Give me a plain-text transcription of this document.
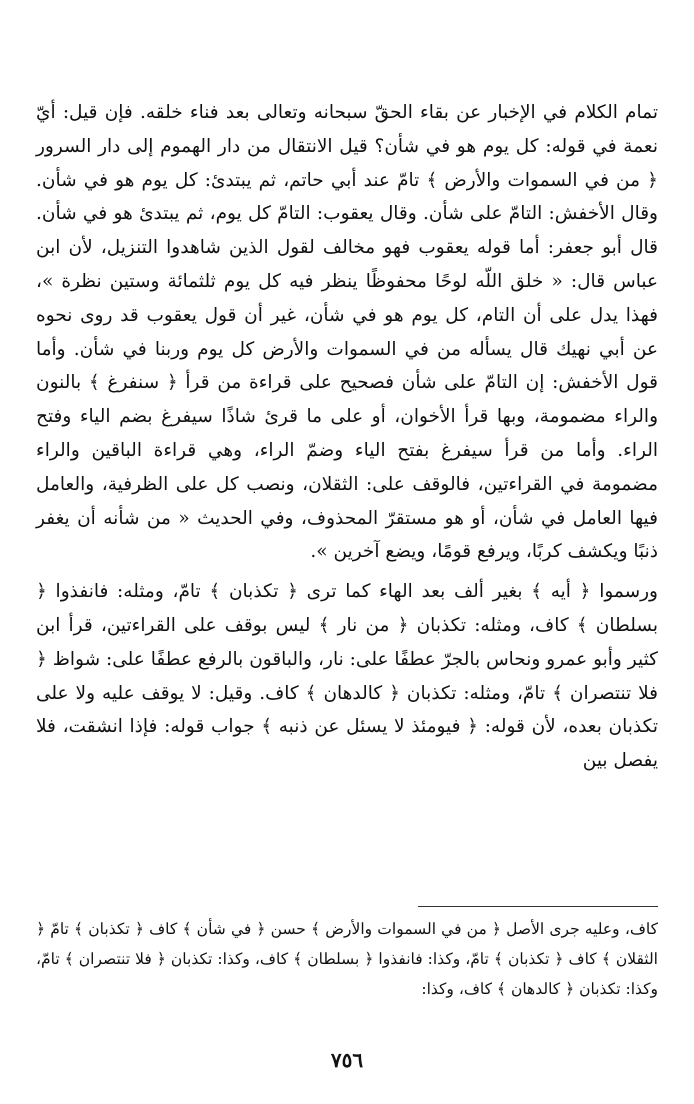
تمام الكلام في الإخبار عن بقاء الحقّ سبحانه وتعالى بعد فناء خلقه. فإن قيل: أيّ نعمة في قوله: كل يوم هو في شأن؟ قيل الانتقال من دار الهموم إلى دار السرور ﴿ من في السموات والأرض ﴾ تامّ عند أبي حاتم، ثم يبتدئ: كل يوم هو في شأن. وقال الأخفش: التامّ على شأن. وقال يعقوب: التامّ كل يوم، ثم يبتدئ هو في شأن. قال أبو جعفر: أما قوله يعقوب فهو مخالف لقول الذين شاهدوا التنزيل، لأن ابن عباس قال: « خلق اللّه لوحًا محفوظًا ينظر فيه كل يوم ثلثمائة وستين نظرة »، فهذا يدل على أن التام، كل يوم هو في شأن، غير أن قول يعقوب قد روى نحوه عن أبي نهيك قال يسأله من في السموات والأرض كل يوم وربنا في شأن. وأما قول الأخفش: إن التامّ على شأن فصحيح على قراءة من قرأ ﴿ سنفرغ ﴾ بالنون والراء مضمومة، وبها قرأ الأخوان، أو على ما قرئ شاذًا سيفرغ بضم الياء وفتح الراء. وأما من قرأ سيفرغ بفتح الياء وضمّ الراء، وهي قراءة الباقين والراء مضمومة في القراءتين، فالوقف على: الثقلان، ونصب كل على الظرفية، والعامل فيها العامل في شأن، أو هو مستقرّ المحذوف، وفي الحديث « من شأنه أن يغفر ذنبًا ويكشف كربًا، ويرفع قومًا، ويضع آخرين ».

ورسموا ﴿ أيه ﴾ بغير ألف بعد الهاء كما ترى ﴿ تكذبان ﴾ تامّ، ومثله: فانفذوا ﴿ بسلطان ﴾ كاف، ومثله: تكذبان ﴿ من نار ﴾ ليس بوقف على القراءتين، قرأ ابن كثير وأبو عمرو ونحاس بالجرّ عطفًا على: نار، والباقون بالرفع عطفًا على: شواظ ﴿ فلا تنتصران ﴾ تامّ، ومثله: تكذبان ﴿ كالدهان ﴾ كاف. وقيل: لا يوقف عليه ولا على تكذبان بعده، لأن قوله: ﴿ فيومئذ لا يسئل عن ذنبه ﴾ جواب قوله: فإذا انشقت، فلا يفصل بين

كاف، وعليه جرى الأصل ﴿ من في السموات والأرض ﴾ حسن ﴿ في شأن ﴾ كاف ﴿ تكذبان ﴾ تامّ ﴿ الثقلان ﴾ كاف ﴿ تكذبان ﴾ تامّ، وكذا: فانفذوا ﴿ بسلطان ﴾ كاف، وكذا: تكذبان ﴿ فلا تنتصران ﴾ تامّ، وكذا: تكذبان ﴿ كالدهان ﴾ كاف، وكذا:
٧٥٦
